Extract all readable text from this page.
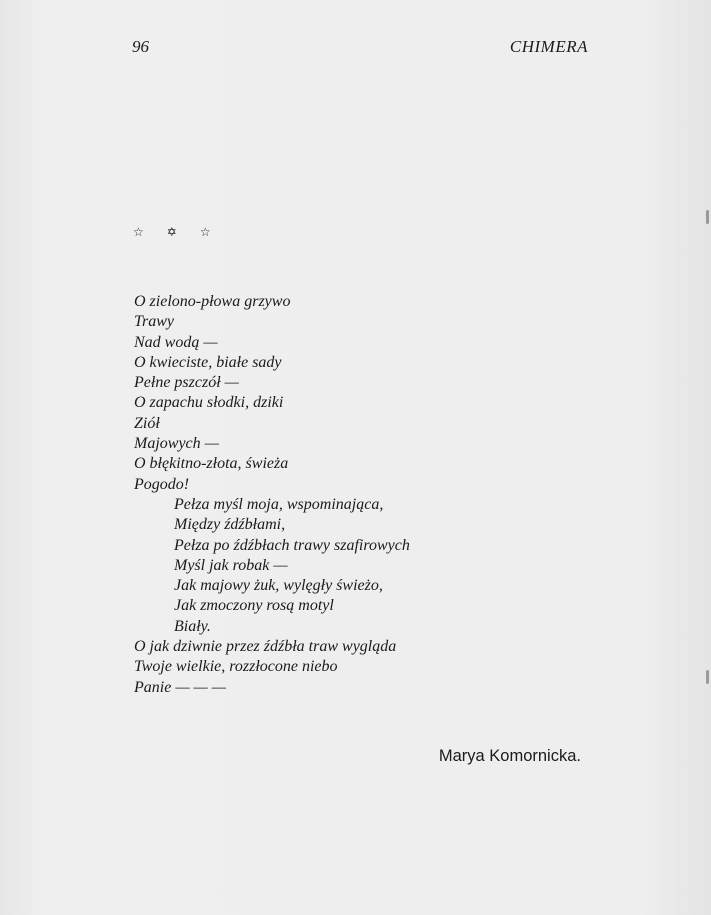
96	CHIMERA
☆ ✡ ☆
O zielono-płowa grzywo
Trawy
Nad wodą —
O kwieciste, białe sady
Pełne pszczół —
O zapachu słodki, dziki
Ziół
Majowych —
O błękitno-złota, świeża
Pogodo!
Pełza myśl moja, wspominająca,
Między źdźbłami,
Pełza po źdźbłach trawy szafirowych
Myśl jak robak —
Jak majowy żuk, wylęgły świeżo,
Jak zmoczony rosą motyl
Biały.
O jak dziwnie przez źdźbła traw wygląda
Twoje wielkie, rozzłocone niebo
Panie — — —
Marya Komornicka.
